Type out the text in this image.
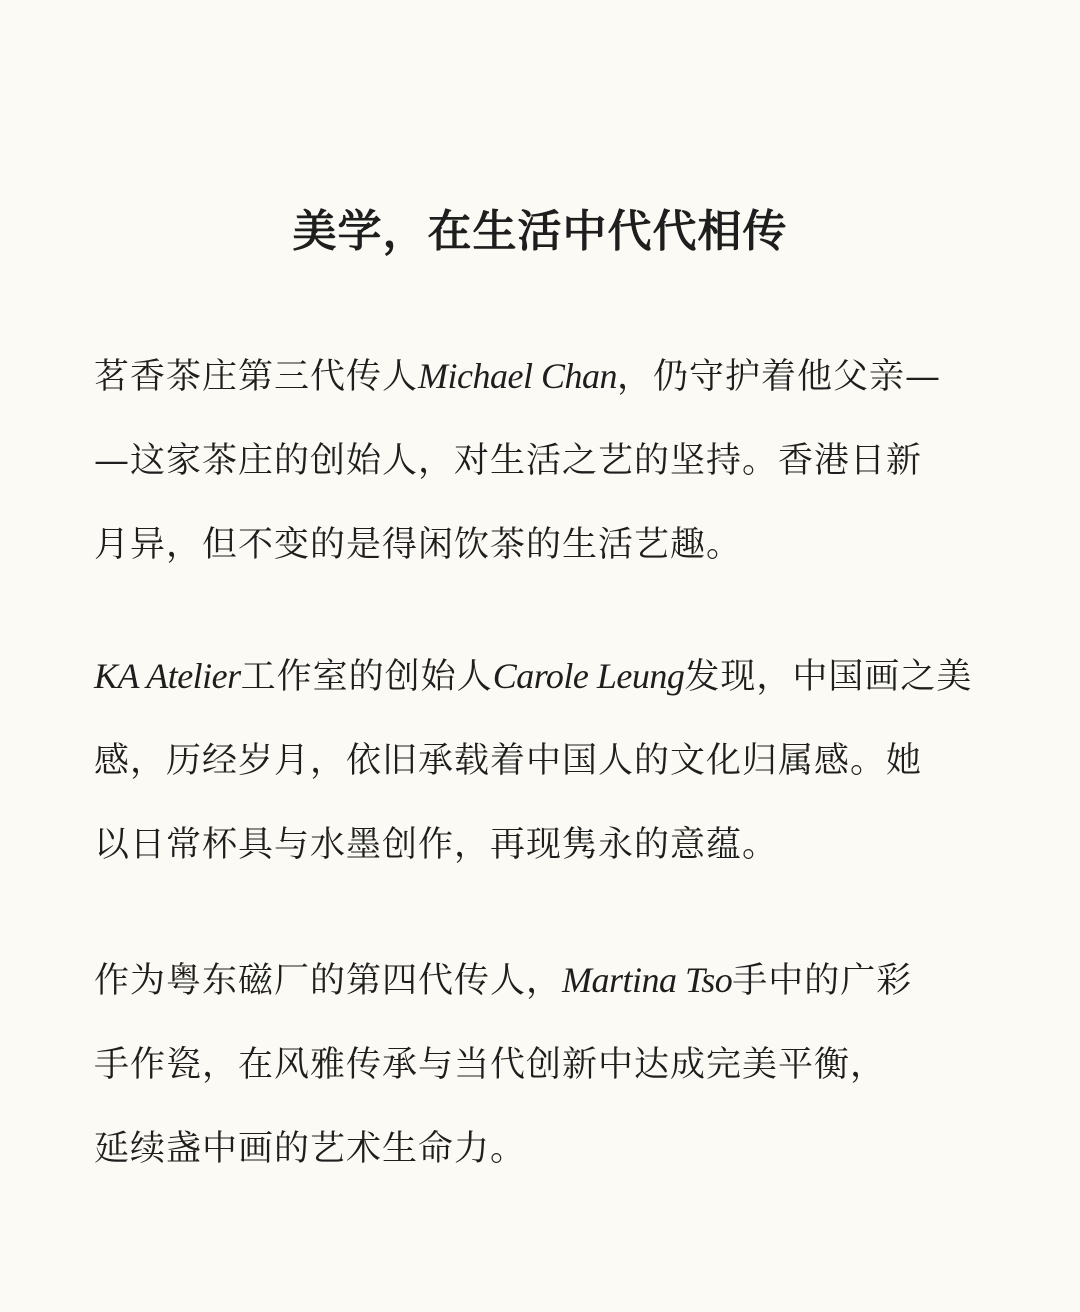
美学，在生活中代代相传

茗香茶庄第三代传人Michael Chan，仍守护着他父亲—
—这家茶庄的创始人，对生活之艺的坚持。香港日新
月异，但不变的是得闲饮茶的生活艺趣。

KA Atelier工作室的创始人Carole Leung发现，中国画之美
感，历经岁月，依旧承载着中国人的文化归属感。她
以日常杯具与水墨创作，再现隽永的意蕴。

作为粤东磁厂的第四代传人，Martina Tso手中的广彩
手作瓷，在风雅传承与当代创新中达成完美平衡，
延续盏中画的艺术生命力。
